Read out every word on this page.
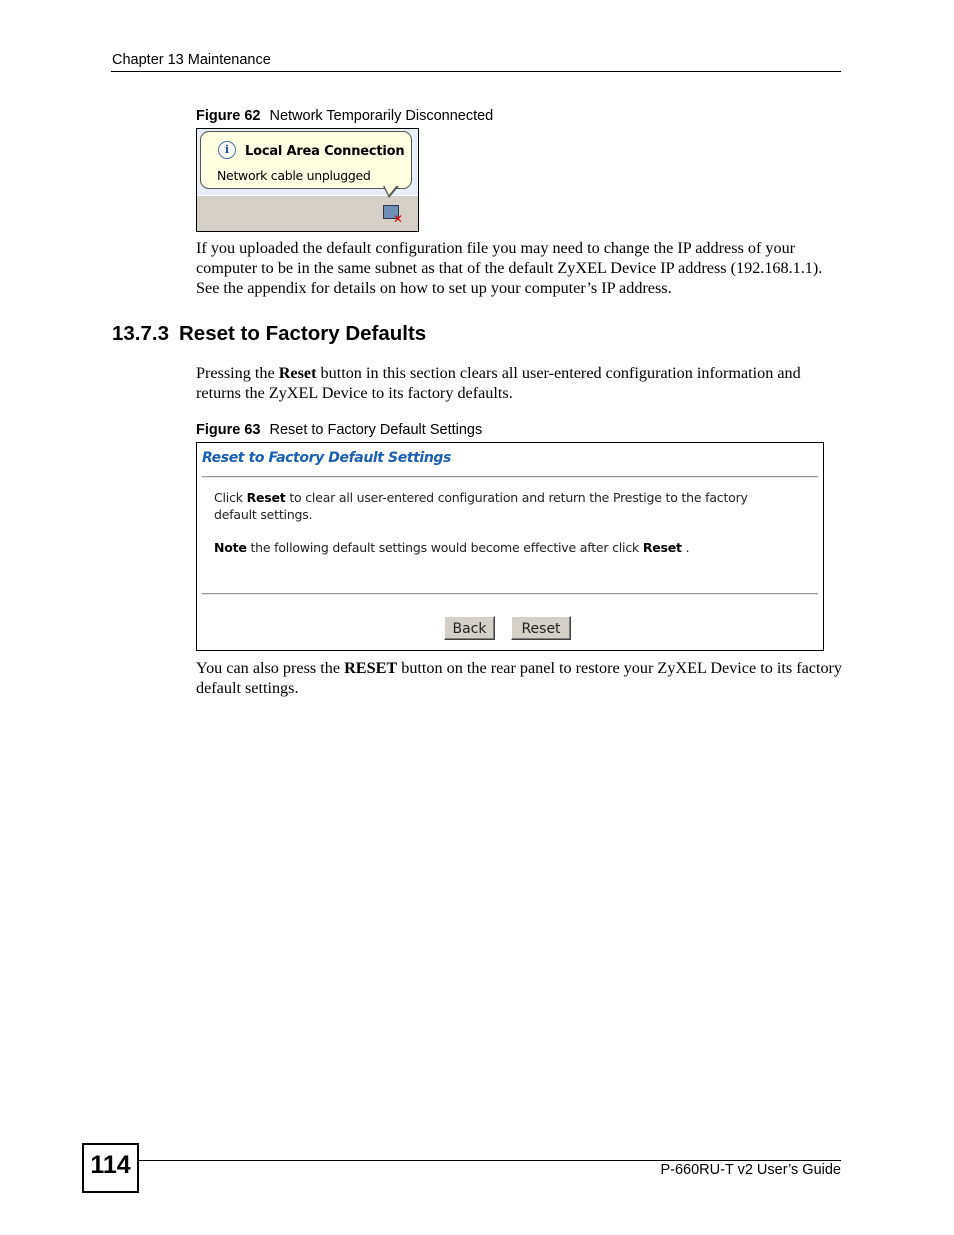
Chapter 13 Maintenance
Figure 62 Network Temporarily Disconnected
i	Local Area Connection
Network cable unplugged
✕
If you uploaded the default configuration file you may need to change the IP address of your computer to be in the same subnet as that of the default ZyXEL Device IP address (192.168.1.1). See the appendix for details on how to set up your computer’s IP address.
13.7.3 Reset to Factory Defaults
Pressing the Reset button in this section clears all user-entered configuration information and returns the ZyXEL Device to its factory defaults.
Figure 63 Reset to Factory Default Settings
Reset to Factory Default Settings
Click Reset to clear all user-entered configuration and return the Prestige to the factory default settings.
Note the following default settings would become effective after click Reset .
Back	Reset
You can also press the RESET button on the rear panel to restore your ZyXEL Device to its factory default settings.
114	P-660RU-T v2 User’s Guide
